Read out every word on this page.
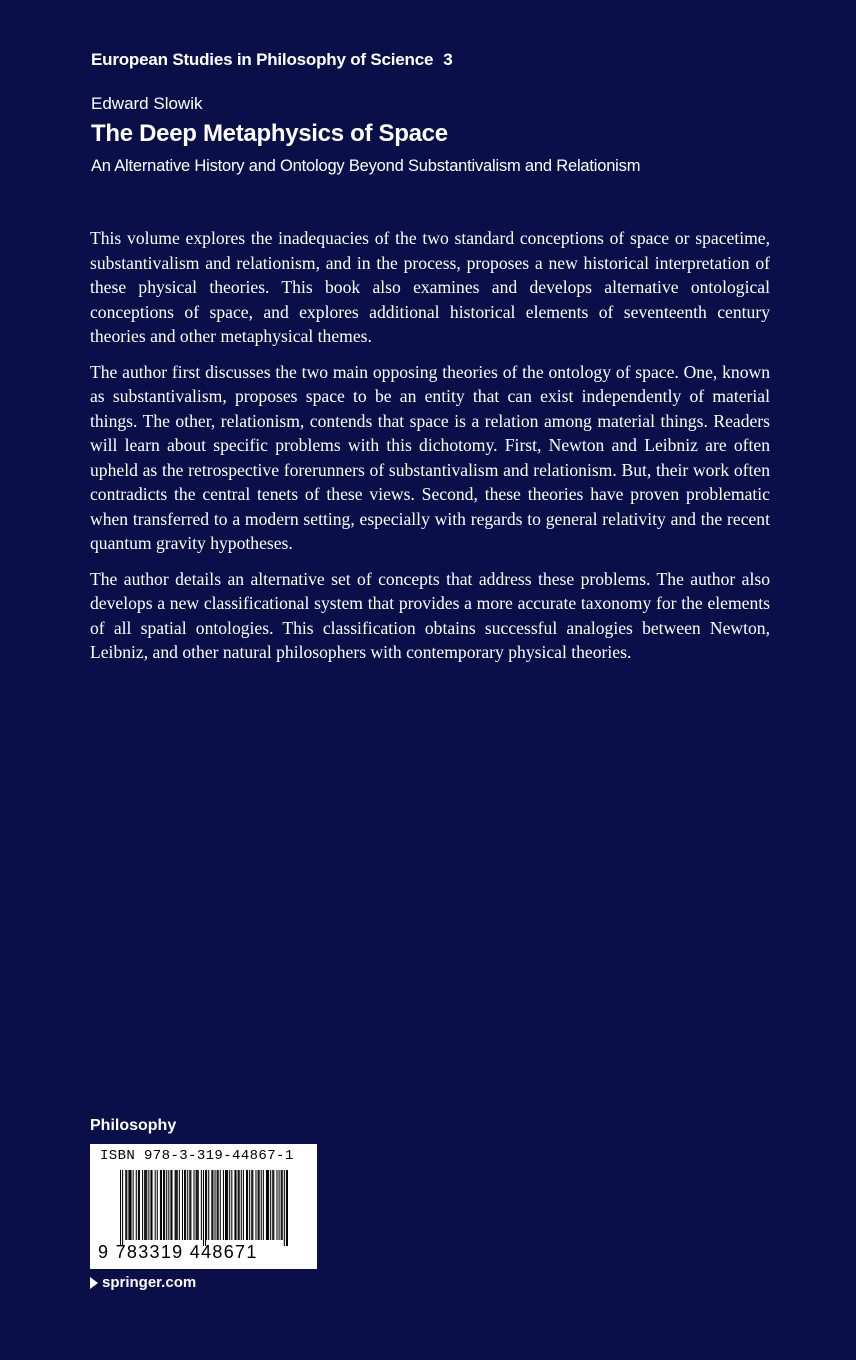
European Studies in Philosophy of Science 3
Edward Slowik
The Deep Metaphysics of Space
An Alternative History and Ontology Beyond Substantivalism and Relationism

This volume explores the inadequacies of the two standard conceptions of space or spacetime, substantivalism and relationism, and in the process, proposes a new historical interpretation of these physical theories. This book also examines and develops alternative ontological conceptions of space, and explores additional historical elements of seventeenth century theories and other metaphysical themes.

The author first discusses the two main opposing theories of the ontology of space. One, known as substantivalism, proposes space to be an entity that can exist independently of material things. The other, relationism, contends that space is a relation among material things. Readers will learn about specific problems with this dichotomy. First, Newton and Leibniz are often upheld as the retrospective forerunners of substantivalism and relationism. But, their work often contradicts the central tenets of these views. Second, these theories have proven problematic when transferred to a modern setting, especially with regards to general relativity and the recent quantum gravity hypotheses.

The author details an alternative set of concepts that address these problems. The author also develops a new classificational system that provides a more accurate taxonomy for the elements of all spatial ontologies. This classification obtains successful analogies between Newton, Leibniz, and other natural philosophers with contemporary physical theories.

Philosophy
ISBN 978-3-319-44867-1
9 783319 448671
springer.com
